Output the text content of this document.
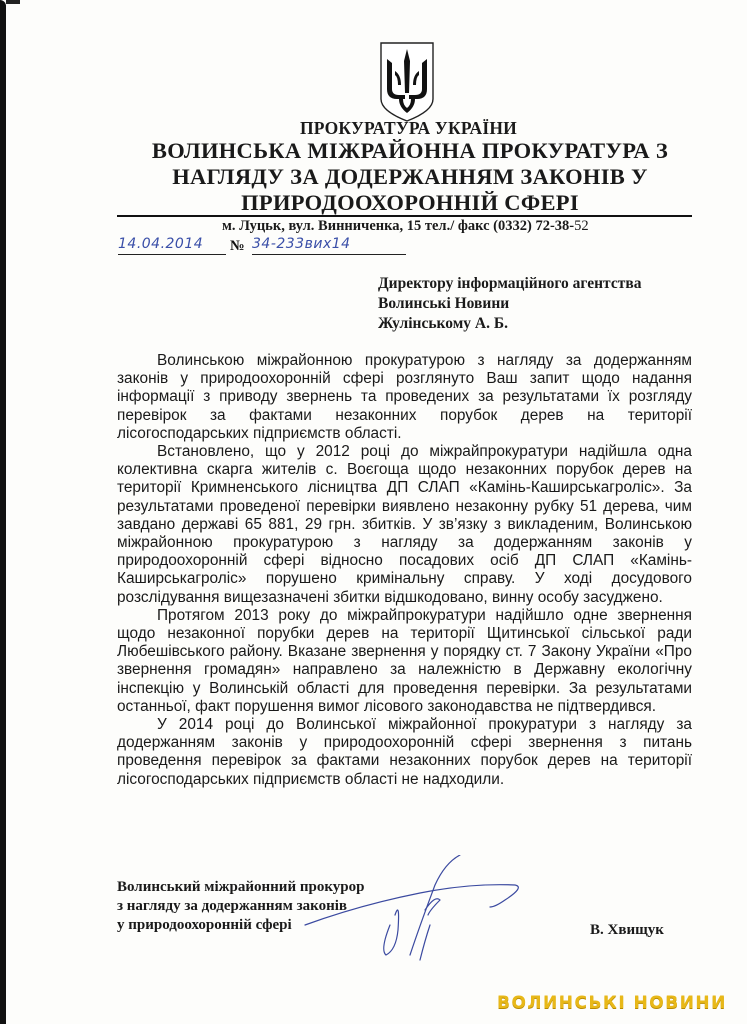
ПРОКУРАТУРА УКРАЇНИ
ВОЛИНСЬКА МІЖРАЙОННА ПРОКУРАТУРА З
НАГЛЯДУ ЗА ДОДЕРЖАННЯМ ЗАКОНІВ У
ПРИРОДООХОРОННІЙ СФЕРІ
м. Луцьк, вул. Винниченка, 15 тел./ факс (0332) 72-38-52
14.04.2014	№ 34-233вих14
Директору інформаційного агентства
Волинські Новини
Жулінському А. Б.

Волинською міжрайонною прокуратурою з нагляду за додержанням законів у природоохоронній сфері розглянуто Ваш запит щодо надання інформації з приводу звернень та проведених за результатами їх розгляду перевірок за фактами незаконних порубок дерев на території лісогосподарських підприємств області.

Встановлено, що у 2012 році до міжрайпрокуратури надійшла одна колективна скарга жителів с. Воєгоща щодо незаконних порубок дерев на території Кримненського лісництва ДП СЛАП «Камінь-Каширськагроліс». За результатами проведеної перевірки виявлено незаконну рубку 51 дерева, чим завдано державі 65 881, 29 грн. збитків. У зв’язку з викладеним, Волинською міжрайонною прокуратурою з нагляду за додержанням законів у природоохоронній сфері відносно посадових осіб ДП СЛАП «Камінь-Каширськагроліс» порушено кримінальну справу. У ході досудового розслідування вищезазначені збитки відшкодовано, винну особу засуджено.

Протягом 2013 року до міжрайпрокуратури надійшло одне звернення щодо незаконної порубки дерев на території Щитинської сільської ради Любешівського району. Вказане звернення у порядку ст. 7 Закону України «Про звернення громадян» направлено за належністю в Державну екологічну інспекцію у Волинській області для проведення перевірки. За результатами останньої, факт порушення вимог лісового законодавства не підтвердився.

У 2014 році до Волинської міжрайонної прокуратури з нагляду за додержанням законів у природоохоронній сфері звернення з питань проведення перевірок за фактами незаконних порубок дерев на території лісогосподарських підприємств області не надходили.

Волинський міжрайонний прокурор
з нагляду за додержанням законів
у природоохоронній сфері	В. Хвищук
ВОЛИНСЬКІ НОВИНИ
